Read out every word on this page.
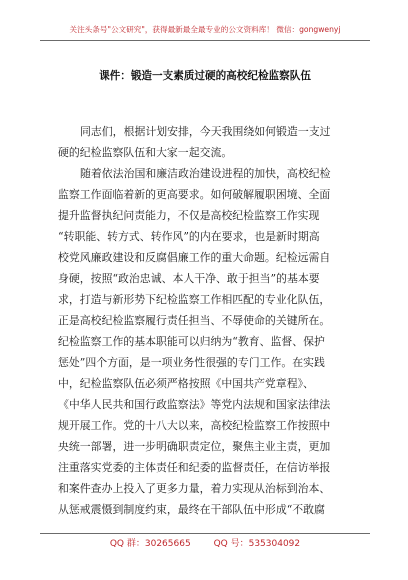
关注头条号"公文研究"，获得最新最全最专业的公文资料库！ 微信：gongwenyj
课件：锻造一支素质过硬的高校纪检监察队伍
同志们，根据计划安排，今天我围绕如何锻造一支过
硬的纪检监察队伍和大家一起交流。
随着依法治国和廉洁政治建设进程的加快，高校纪检
监察工作面临着新的更高要求。如何破解履职困境、全面
提升监督执纪问责能力，不仅是高校纪检监察工作实现
“转职能、转方式、转作风”的内在要求，也是新时期高
校党风廉政建设和反腐倡廉工作的重大命题。纪检远需自
身硬，按照“政治忠诚、本人干净、敢于担当”的基本要
求，打造与新形势下纪检监察工作相匹配的专业化队伍，
正是高校纪检监察履行责任担当、不辱使命的关键所在。
纪检监察工作的基本职能可以归纳为“教育、监督、保护
惩处”四个方面，是一项业务性很强的专门工作。在实践
中，纪检监察队伍必须严格按照《中国共产党章程》、
《中华人民共和国行政监察法》等党内法规和国家法律法
规开展工作。党的十八大以来，高校纪检监察工作按照中
央统一部署，进一步明确职责定位，聚焦主业主责，更加
注重落实党委的主体责任和纪委的监督责任，在信访举报
和案件查办上投入了更多力量，着力实现从治标到治本、
从惩戒震慑到制度约束，最终在干部队伍中形成“不敢腐
QQ 群：30265665	QQ 号：535304092
